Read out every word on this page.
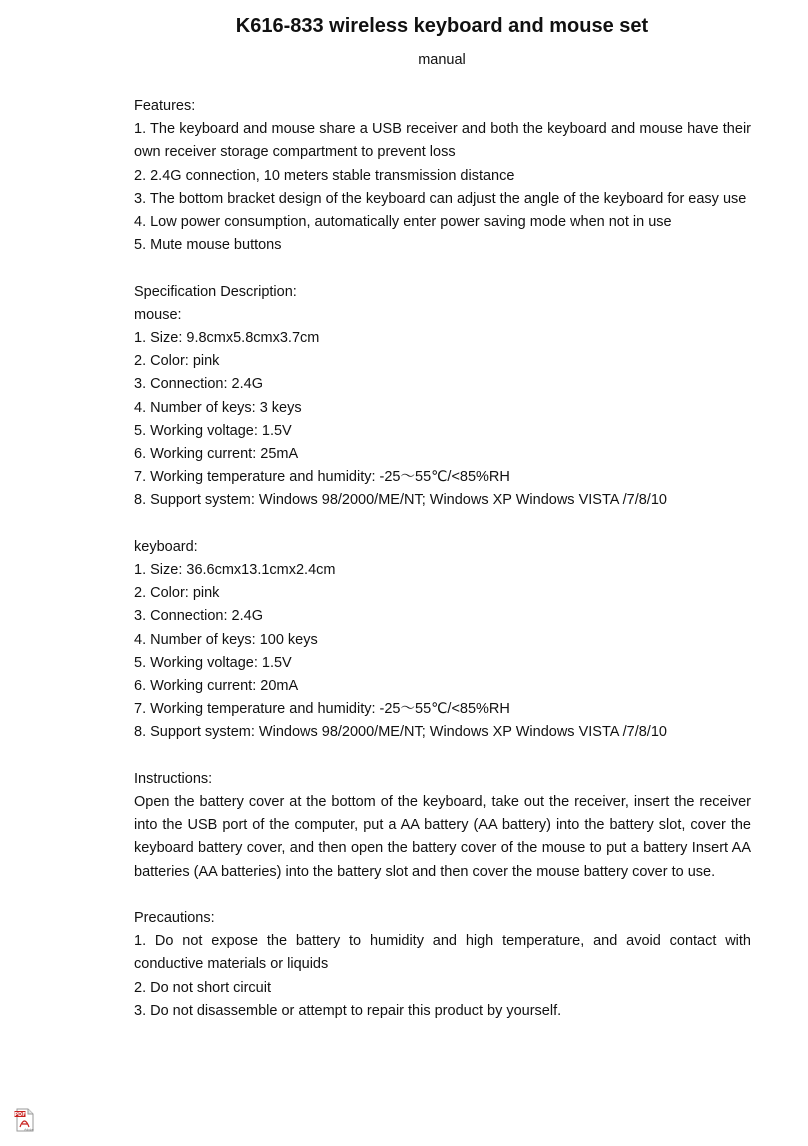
K616-833 wireless keyboard and mouse set
manual

Features:

1. The keyboard and mouse share a USB receiver and both the keyboard and mouse have their own receiver storage compartment to prevent loss

2. 2.4G connection, 10 meters stable transmission distance

3. The bottom bracket design of the keyboard can adjust the angle of the keyboard for easy use

4. Low power consumption, automatically enter power saving mode when not in use

5. Mute mouse buttons

Specification Description:

mouse:

1. Size: 9.8cmx5.8cmx3.7cm

2. Color: pink

3. Connection: 2.4G

4. Number of keys: 3 keys

5. Working voltage: 1.5V

6. Working current: 25mA

7. Working temperature and humidity: -25～55℃/<85%RH

8. Support system: Windows 98/2000/ME/NT; Windows XP Windows VISTA /7/8/10

keyboard:

1. Size: 36.6cmx13.1cmx2.4cm

2. Color: pink

3. Connection: 2.4G

4. Number of keys: 100 keys

5. Working voltage: 1.5V

6. Working current: 20mA

7. Working temperature and humidity: -25～55℃/<85%RH

8. Support system: Windows 98/2000/ME/NT; Windows XP Windows VISTA /7/8/10

Instructions:

Open the battery cover at the bottom of the keyboard, take out the receiver, insert the receiver into the USB port of the computer, put a AA battery (AA battery) into the battery slot, cover the keyboard battery cover, and then open the battery cover of the mouse to put a battery Insert AA batteries (AA batteries) into the battery slot and then cover the mouse battery cover to use.

Precautions:

1. Do not expose the battery to humidity and high temperature, and avoid contact with conductive materials or liquids

2. Do not short circuit

3. Do not disassemble or attempt to repair this product by yourself.

PDF
Adobe
